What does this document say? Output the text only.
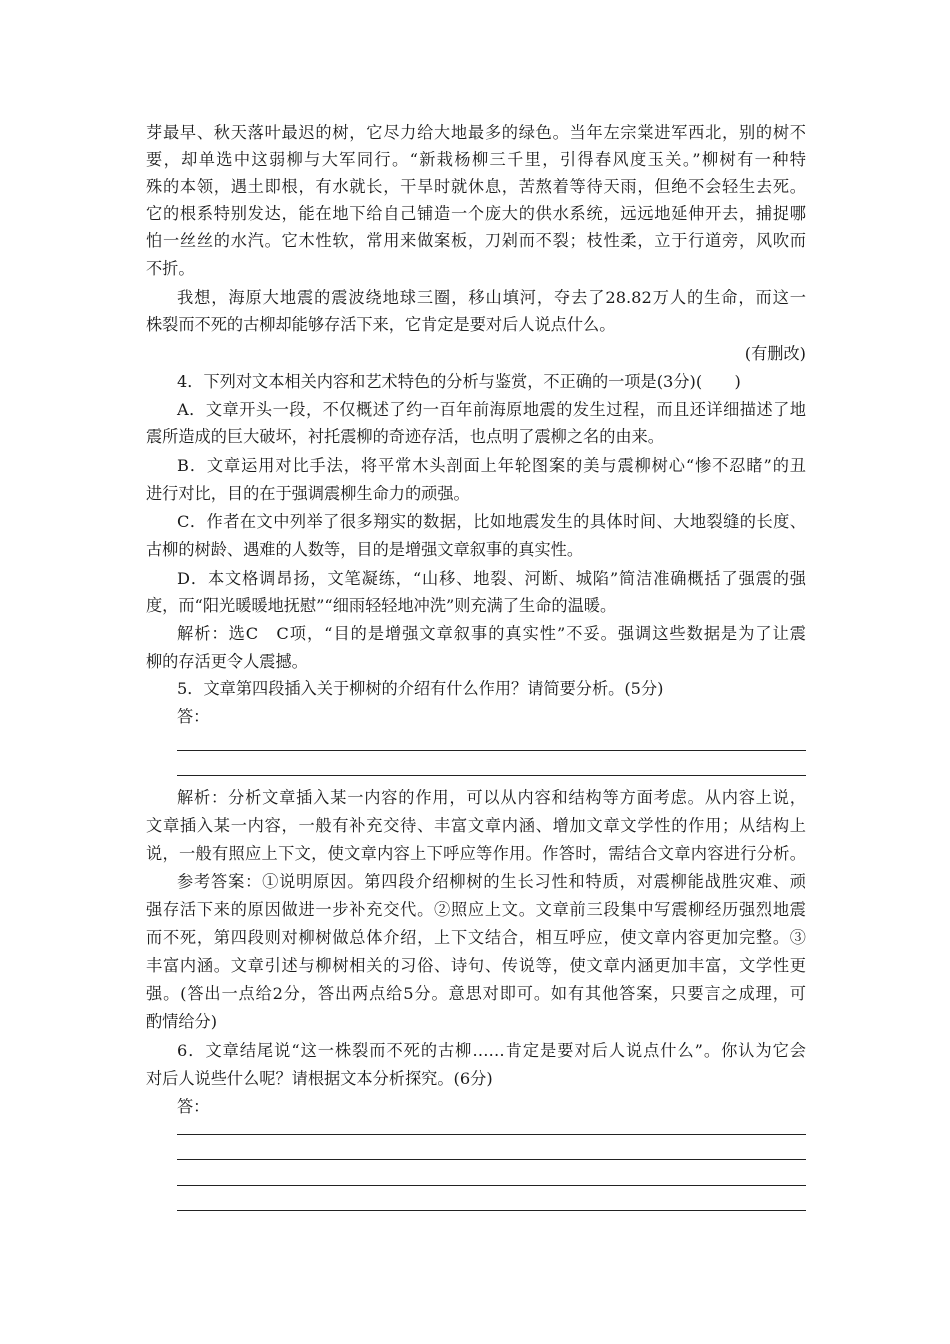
芽最早、秋天落叶最迟的树，它尽力给大地最多的绿色。当年左宗棠进军西北，别的树不
要，却单选中这弱柳与大军同行。“新栽杨柳三千里，引得春风度玉关。”柳树有一种特
殊的本领，遇土即根，有水就长，干旱时就休息，苦熬着等待天雨，但绝不会轻生去死。
它的根系特别发达，能在地下给自己铺造一个庞大的供水系统，远远地延伸开去，捕捉哪
怕一丝丝的水汽。它木性软，常用来做案板，刀剁而不裂；枝性柔，立于行道旁，风吹而
不折。
我想，海原大地震的震波绕地球三圈，移山填河，夺去了28.82万人的生命，而这一
株裂而不死的古柳却能够存活下来，它肯定是要对后人说点什么。
(有删改)
4．下列对文本相关内容和艺术特色的分析与鉴赏，不正确的一项是(3分)(　　)
A．文章开头一段，不仅概述了约一百年前海原地震的发生过程，而且还详细描述了地
震所造成的巨大破坏，衬托震柳的奇迹存活，也点明了震柳之名的由来。
B．文章运用对比手法，将平常木头剖面上年轮图案的美与震柳树心“惨不忍睹”的丑
进行对比，目的在于强调震柳生命力的顽强。
C．作者在文中列举了很多翔实的数据，比如地震发生的具体时间、大地裂缝的长度、
古柳的树龄、遇难的人数等，目的是增强文章叙事的真实性。
D．本文格调昂扬，文笔凝练，“山移、地裂、河断、城陷”简洁准确概括了强震的强
度，而“阳光暖暖地抚慰”“细雨轻轻地冲洗”则充满了生命的温暖。
解析：选C　C项，“目的是增强文章叙事的真实性”不妥。强调这些数据是为了让震
柳的存活更令人震撼。
5．文章第四段插入关于柳树的介绍有什么作用？请简要分析。(5分)
答：
解析：分析文章插入某一内容的作用，可以从内容和结构等方面考虑。从内容上说，
文章插入某一内容，一般有补充交待、丰富文章内涵、增加文章文学性的作用；从结构上
说，一般有照应上下文，使文章内容上下呼应等作用。作答时，需结合文章内容进行分析。
参考答案：①说明原因。第四段介绍柳树的生长习性和特质，对震柳能战胜灾难、顽
强存活下来的原因做进一步补充交代。②照应上文。文章前三段集中写震柳经历强烈地震
而不死，第四段则对柳树做总体介绍，上下文结合，相互呼应，使文章内容更加完整。③
丰富内涵。文章引述与柳树相关的习俗、诗句、传说等，使文章内涵更加丰富，文学性更
强。(答出一点给2分，答出两点给5分。意思对即可。如有其他答案，只要言之成理，可
酌情给分)
6．文章结尾说“这一株裂而不死的古柳……肯定是要对后人说点什么”。你认为它会
对后人说些什么呢？请根据文本分析探究。(6分)
答：
